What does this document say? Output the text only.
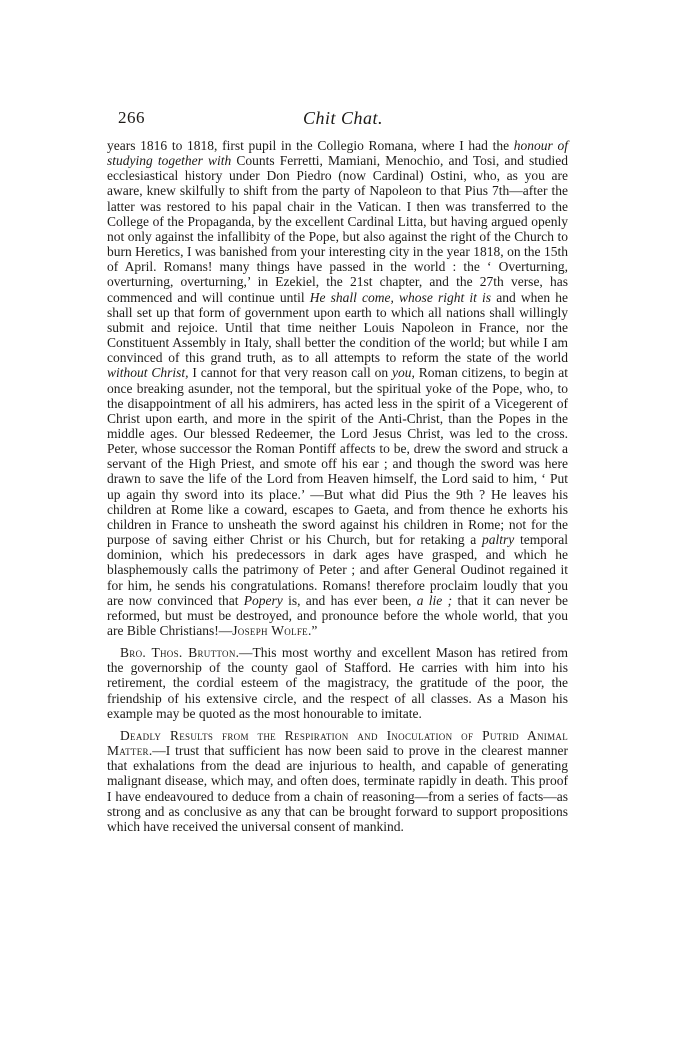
266	Chit Chat.

years 1816 to 1818, first pupil in the Collegio Romana, where I had the honour of studying together with Counts Ferretti, Mamiani, Menochio, and Tosi, and studied ecclesiastical history under Don Piedro (now Cardinal) Ostini, who, as you are aware, knew skilfully to shift from the party of Napoleon to that Pius 7th—after the latter was restored to his papal chair in the Vatican. I then was transferred to the College of the Propaganda, by the excellent Cardinal Litta, but having argued openly not only against the infallibity of the Pope, but also against the right of the Church to burn Heretics, I was banished from your interesting city in the year 1818, on the 15th of April. Romans! many things have passed in the world : the ‘ Overturning, overturning, overturning,’ in Ezekiel, the 21st chapter, and the 27th verse, has commenced and will continue until He shall come, whose right it is and when he shall set up that form of government upon earth to which all nations shall willingly submit and rejoice. Until that time neither Louis Napoleon in France, nor the Constituent Assembly in Italy, shall better the condition of the world; but while I am convinced of this grand truth, as to all attempts to reform the state of the world without Christ, I cannot for that very reason call on you, Roman citizens, to begin at once breaking asunder, not the temporal, but the spiritual yoke of the Pope, who, to the disappointment of all his admirers, has acted less in the spirit of a Vicegerent of Christ upon earth, and more in the spirit of the Anti-Christ, than the Popes in the middle ages. Our blessed Redeemer, the Lord Jesus Christ, was led to the cross. Peter, whose successor the Roman Pontiff affects to be, drew the sword and struck a servant of the High Priest, and smote off his ear ; and though the sword was here drawn to save the life of the Lord from Heaven himself, the Lord said to him, ‘ Put up again thy sword into its place.’ —But what did Pius the 9th ? He leaves his children at Rome like a coward, escapes to Gaeta, and from thence he exhorts his children in France to unsheath the sword against his children in Rome; not for the purpose of saving either Christ or his Church, but for retaking a paltry temporal dominion, which his predecessors in dark ages have grasped, and which he blasphemously calls the patrimony of Peter ; and after General Oudinot regained it for him, he sends his congratulations. Romans! therefore proclaim loudly that you are now convinced that Popery is, and has ever been, a lie ; that it can never be reformed, but must be destroyed, and pronounce before the whole world, that you are Bible Christians!—Joseph Wolfe.”

Bro. Thos. Brutton.—This most worthy and excellent Mason has retired from the governorship of the county gaol of Stafford. He carries with him into his retirement, the cordial esteem of the magistracy, the gratitude of the poor, the friendship of his extensive circle, and the respect of all classes. As a Mason his example may be quoted as the most honourable to imitate.

Deadly Results from the Respiration and Inoculation of Putrid Animal Matter.—I trust that sufficient has now been said to prove in the clearest manner that exhalations from the dead are injurious to health, and capable of generating malignant disease, which may, and often does, terminate rapidly in death. This proof I have endeavoured to deduce from a chain of reasoning—from a series of facts—as strong and as conclusive as any that can be brought forward to support propositions which have received the universal consent of mankind.
